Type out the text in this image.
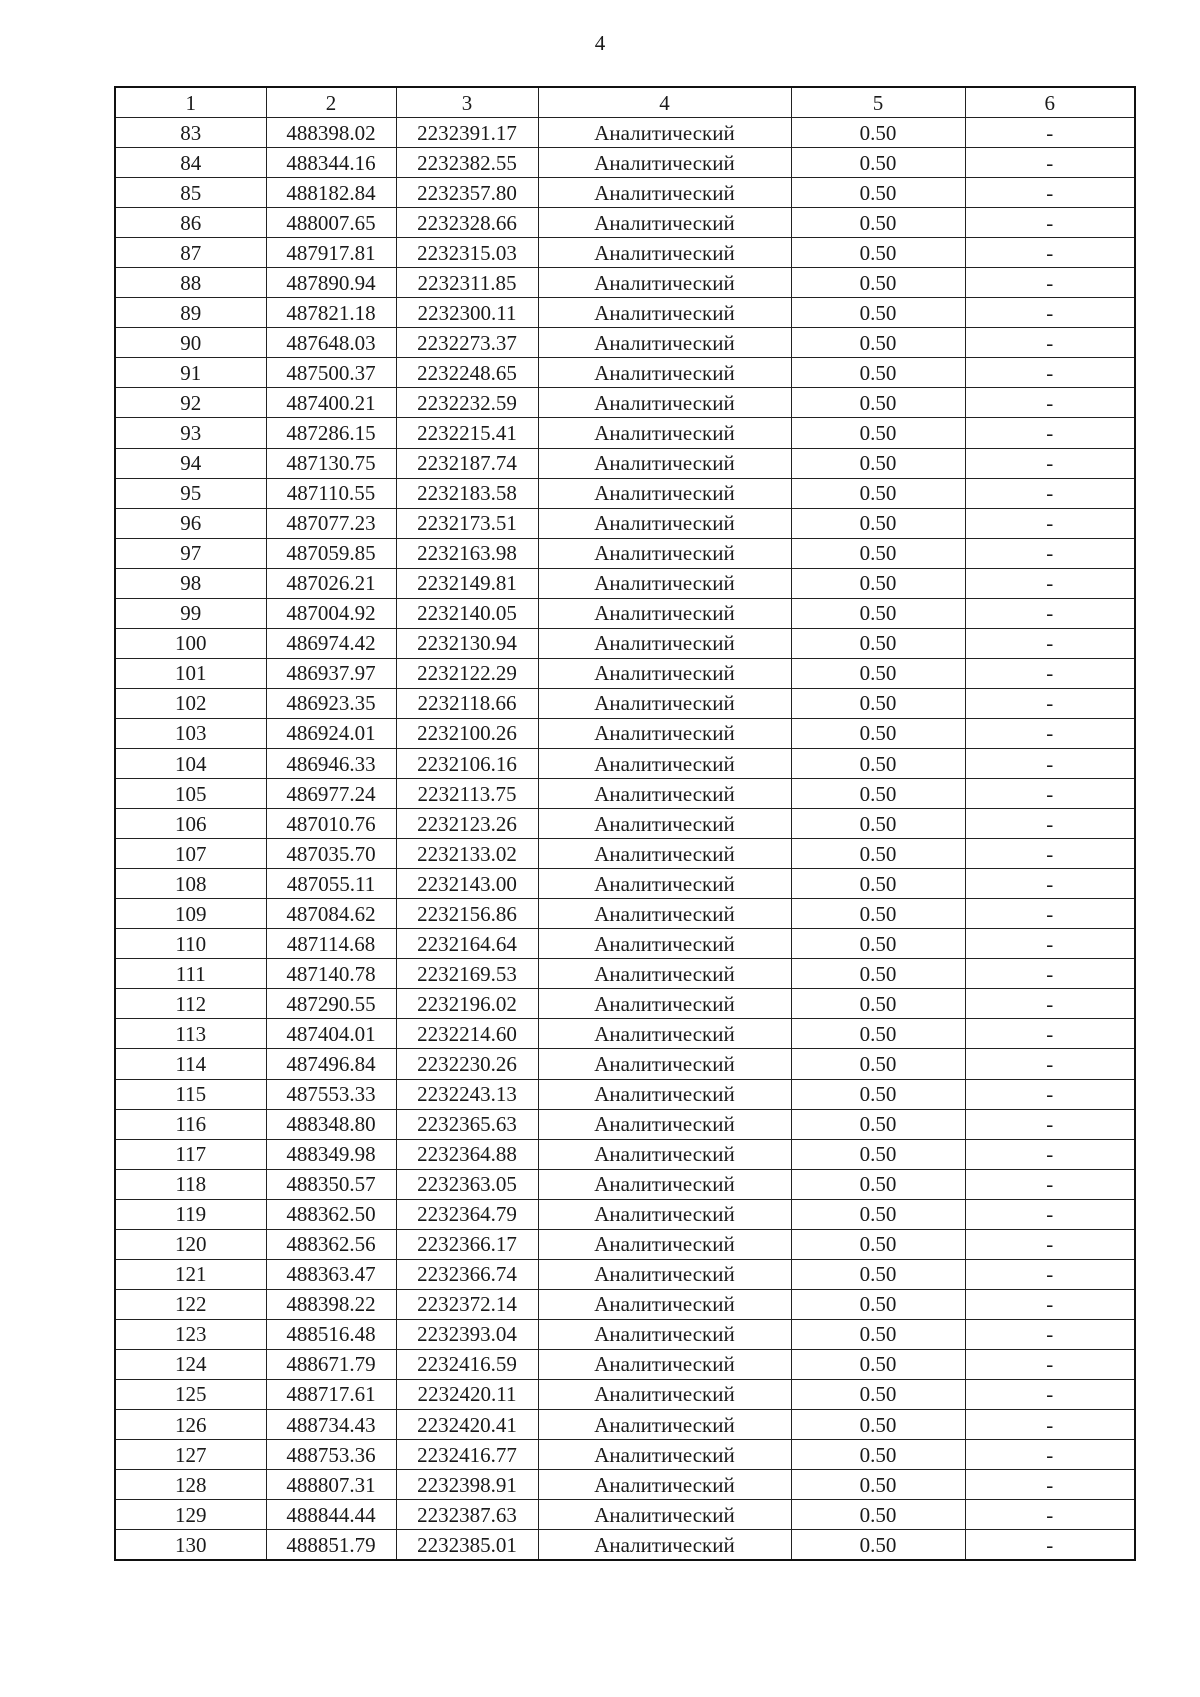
4
1	2	3	4	5	6
83	488398.02	2232391.17	Аналитический	0.50	-
84	488344.16	2232382.55	Аналитический	0.50	-
85	488182.84	2232357.80	Аналитический	0.50	-
86	488007.65	2232328.66	Аналитический	0.50	-
87	487917.81	2232315.03	Аналитический	0.50	-
88	487890.94	2232311.85	Аналитический	0.50	-
89	487821.18	2232300.11	Аналитический	0.50	-
90	487648.03	2232273.37	Аналитический	0.50	-
91	487500.37	2232248.65	Аналитический	0.50	-
92	487400.21	2232232.59	Аналитический	0.50	-
93	487286.15	2232215.41	Аналитический	0.50	-
94	487130.75	2232187.74	Аналитический	0.50	-
95	487110.55	2232183.58	Аналитический	0.50	-
96	487077.23	2232173.51	Аналитический	0.50	-
97	487059.85	2232163.98	Аналитический	0.50	-
98	487026.21	2232149.81	Аналитический	0.50	-
99	487004.92	2232140.05	Аналитический	0.50	-
100	486974.42	2232130.94	Аналитический	0.50	-
101	486937.97	2232122.29	Аналитический	0.50	-
102	486923.35	2232118.66	Аналитический	0.50	-
103	486924.01	2232100.26	Аналитический	0.50	-
104	486946.33	2232106.16	Аналитический	0.50	-
105	486977.24	2232113.75	Аналитический	0.50	-
106	487010.76	2232123.26	Аналитический	0.50	-
107	487035.70	2232133.02	Аналитический	0.50	-
108	487055.11	2232143.00	Аналитический	0.50	-
109	487084.62	2232156.86	Аналитический	0.50	-
110	487114.68	2232164.64	Аналитический	0.50	-
111	487140.78	2232169.53	Аналитический	0.50	-
112	487290.55	2232196.02	Аналитический	0.50	-
113	487404.01	2232214.60	Аналитический	0.50	-
114	487496.84	2232230.26	Аналитический	0.50	-
115	487553.33	2232243.13	Аналитический	0.50	-
116	488348.80	2232365.63	Аналитический	0.50	-
117	488349.98	2232364.88	Аналитический	0.50	-
118	488350.57	2232363.05	Аналитический	0.50	-
119	488362.50	2232364.79	Аналитический	0.50	-
120	488362.56	2232366.17	Аналитический	0.50	-
121	488363.47	2232366.74	Аналитический	0.50	-
122	488398.22	2232372.14	Аналитический	0.50	-
123	488516.48	2232393.04	Аналитический	0.50	-
124	488671.79	2232416.59	Аналитический	0.50	-
125	488717.61	2232420.11	Аналитический	0.50	-
126	488734.43	2232420.41	Аналитический	0.50	-
127	488753.36	2232416.77	Аналитический	0.50	-
128	488807.31	2232398.91	Аналитический	0.50	-
129	488844.44	2232387.63	Аналитический	0.50	-
130	488851.79	2232385.01	Аналитический	0.50	-
